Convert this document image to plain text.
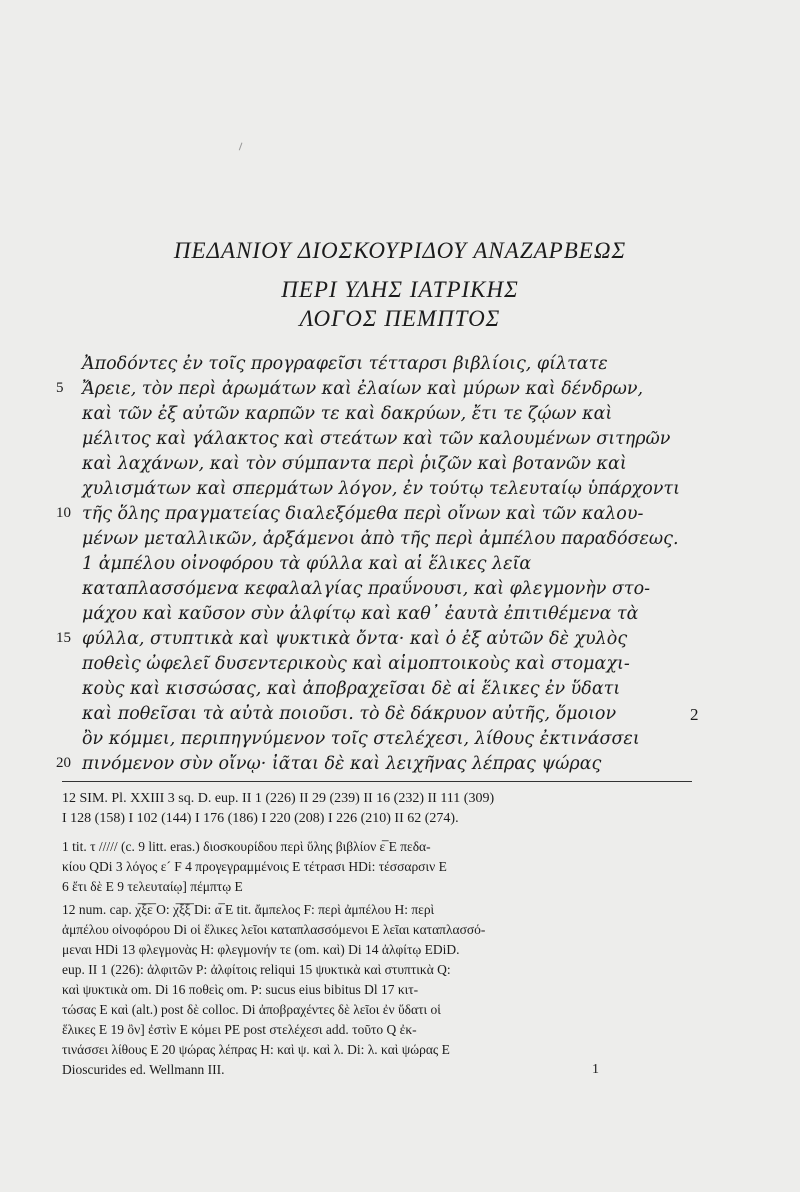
ΠΕΔΑΝΙΟΥ ΔΙΟΣΚΟΥΡΙΔΟΥ ΑΝΑΖΑΡΒΕΩΣ
ΠΕΡΙ ΥΛΗΣ ΙΑΤΡΙΚΗΣ
ΛΟΓΟΣ ΠΕΜΠΤΟΣ
Ἀποδόντες ἐν τοῖς προγραφεῖσι τέτταρσι βιβλίοις, φίλτατε
Ἄρειε, τὸν περὶ ἀρωμάτων καὶ ἐλαίων καὶ μύρων καὶ δένδρων,
καὶ τῶν ἐξ αὐτῶν καρπῶν τε καὶ δακρύων, ἔτι τε ζῴων καὶ
μέλιτος καὶ γάλακτος καὶ στεάτων καὶ τῶν καλουμένων σιτηρῶν
καὶ λαχάνων, καὶ τὸν σύμπαντα περὶ ῥιζῶν καὶ βοτανῶν καὶ
χυλισμάτων καὶ σπερμάτων λόγον, ἐν τούτῳ τελευταίῳ ὑπάρχοντι
τῆς ὅλης πραγματείας διαλεξόμεθα περὶ οἴνων καὶ τῶν καλου-
μένων μεταλλικῶν, ἀρξάμενοι ἀπὸ τῆς περὶ ἀμπέλου παραδόσεως.
1 ἀμπέλου οἰνοφόρου τὰ φύλλα καὶ αἱ ἕλικες λεῖα
καταπλασσόμενα κεφαλαλγίας πραΰνουσι, καὶ φλεγμονὴν στο-
μάχου καὶ καῦσον σὺν ἀλφίτῳ καὶ καθ᾽ ἑαυτὰ ἐπιτιθέμενα τὰ
φύλλα, στυπτικὰ καὶ ψυκτικὰ ὄντα· καὶ ὁ ἐξ αὐτῶν δὲ χυλὸς
ποθεὶς ὠφελεῖ δυσεντερικοὺς καὶ αἱμοπτοικοὺς καὶ στομαχι-
κοὺς καὶ κισσώσας, καὶ ἀποβραχεῖσαι δὲ αἱ ἕλικες ἐν ὕδατι
καὶ ποθεῖσαι τὰ αὐτὰ ποιοῦσι. τὸ δὲ δάκρυον αὐτῆς, ὅμοιον
ὂν κόμμει, περιπηγνύμενον τοῖς στελέχεσι, λίθους ἐκτινάσσει
πινόμενον σὺν οἴνῳ· ἰᾶται δὲ καὶ λειχῆνας λέπρας ψώρας
5
10
15
20
2
12 SIM. Pl. XXIII 3 sq. D. eup. II 1 (226) II 29 (239) II 16 (232) II 111 (309)
I 128 (158) I 102 (144) I 176 (186) I 220 (208) I 226 (210) II 62 (274).
1 tit. τ ///// (c. 9 litt. eras.) διοσκουρίδου περὶ ὕλης βιβλίον ε̅ E πεδα-
κίου QDi 3 λόγος ε´ F 4 προγεγραμμένοις E τέτρασι HDi: τέσσαρσιν E
6 ἔτι δὲ E 9 τελευταίῳ] πέμπτῳ E
12 num. cap. χ̅ξ̅ε̅ O: χ̅ξ̅ξ̅ Di: α̅ E tit. ἄμπελος F: περὶ ἀμπέλου H: περὶ
ἀμπέλου οἰνοφόρου Di οἱ ἕλικες λεῖοι καταπλασσόμενοι E λεῖαι καταπλασσό-
μεναι HDi 13 φλεγμονὰς H: φλεγμονήν τε (om. καὶ) Di 14 ἀλφίτῳ EDiD.
eup. II 1 (226): ἀλφιτῶν P: ἀλφίτοις reliqui 15 ψυκτικὰ καὶ στυπτικὰ Q:
καὶ ψυκτικὰ om. Di 16 ποθεὶς om. P: sucus eius bibitus Dl 17 κιτ-
τώσας E καὶ (alt.) post δὲ colloc. Di ἀποβραχέντες δὲ λεῖοι ἐν ὕδατι οἱ
ἕλικες E 19 ὂν] ἐστὶν E κόμει PE post στελέχεσι add. τοῦτο Q ἐκ-
τινάσσει λίθους E 20 ψώρας λέπρας H: καὶ ψ. καὶ λ. Di: λ. καὶ ψώρας E
Dioscurides ed. Wellmann III.	1
